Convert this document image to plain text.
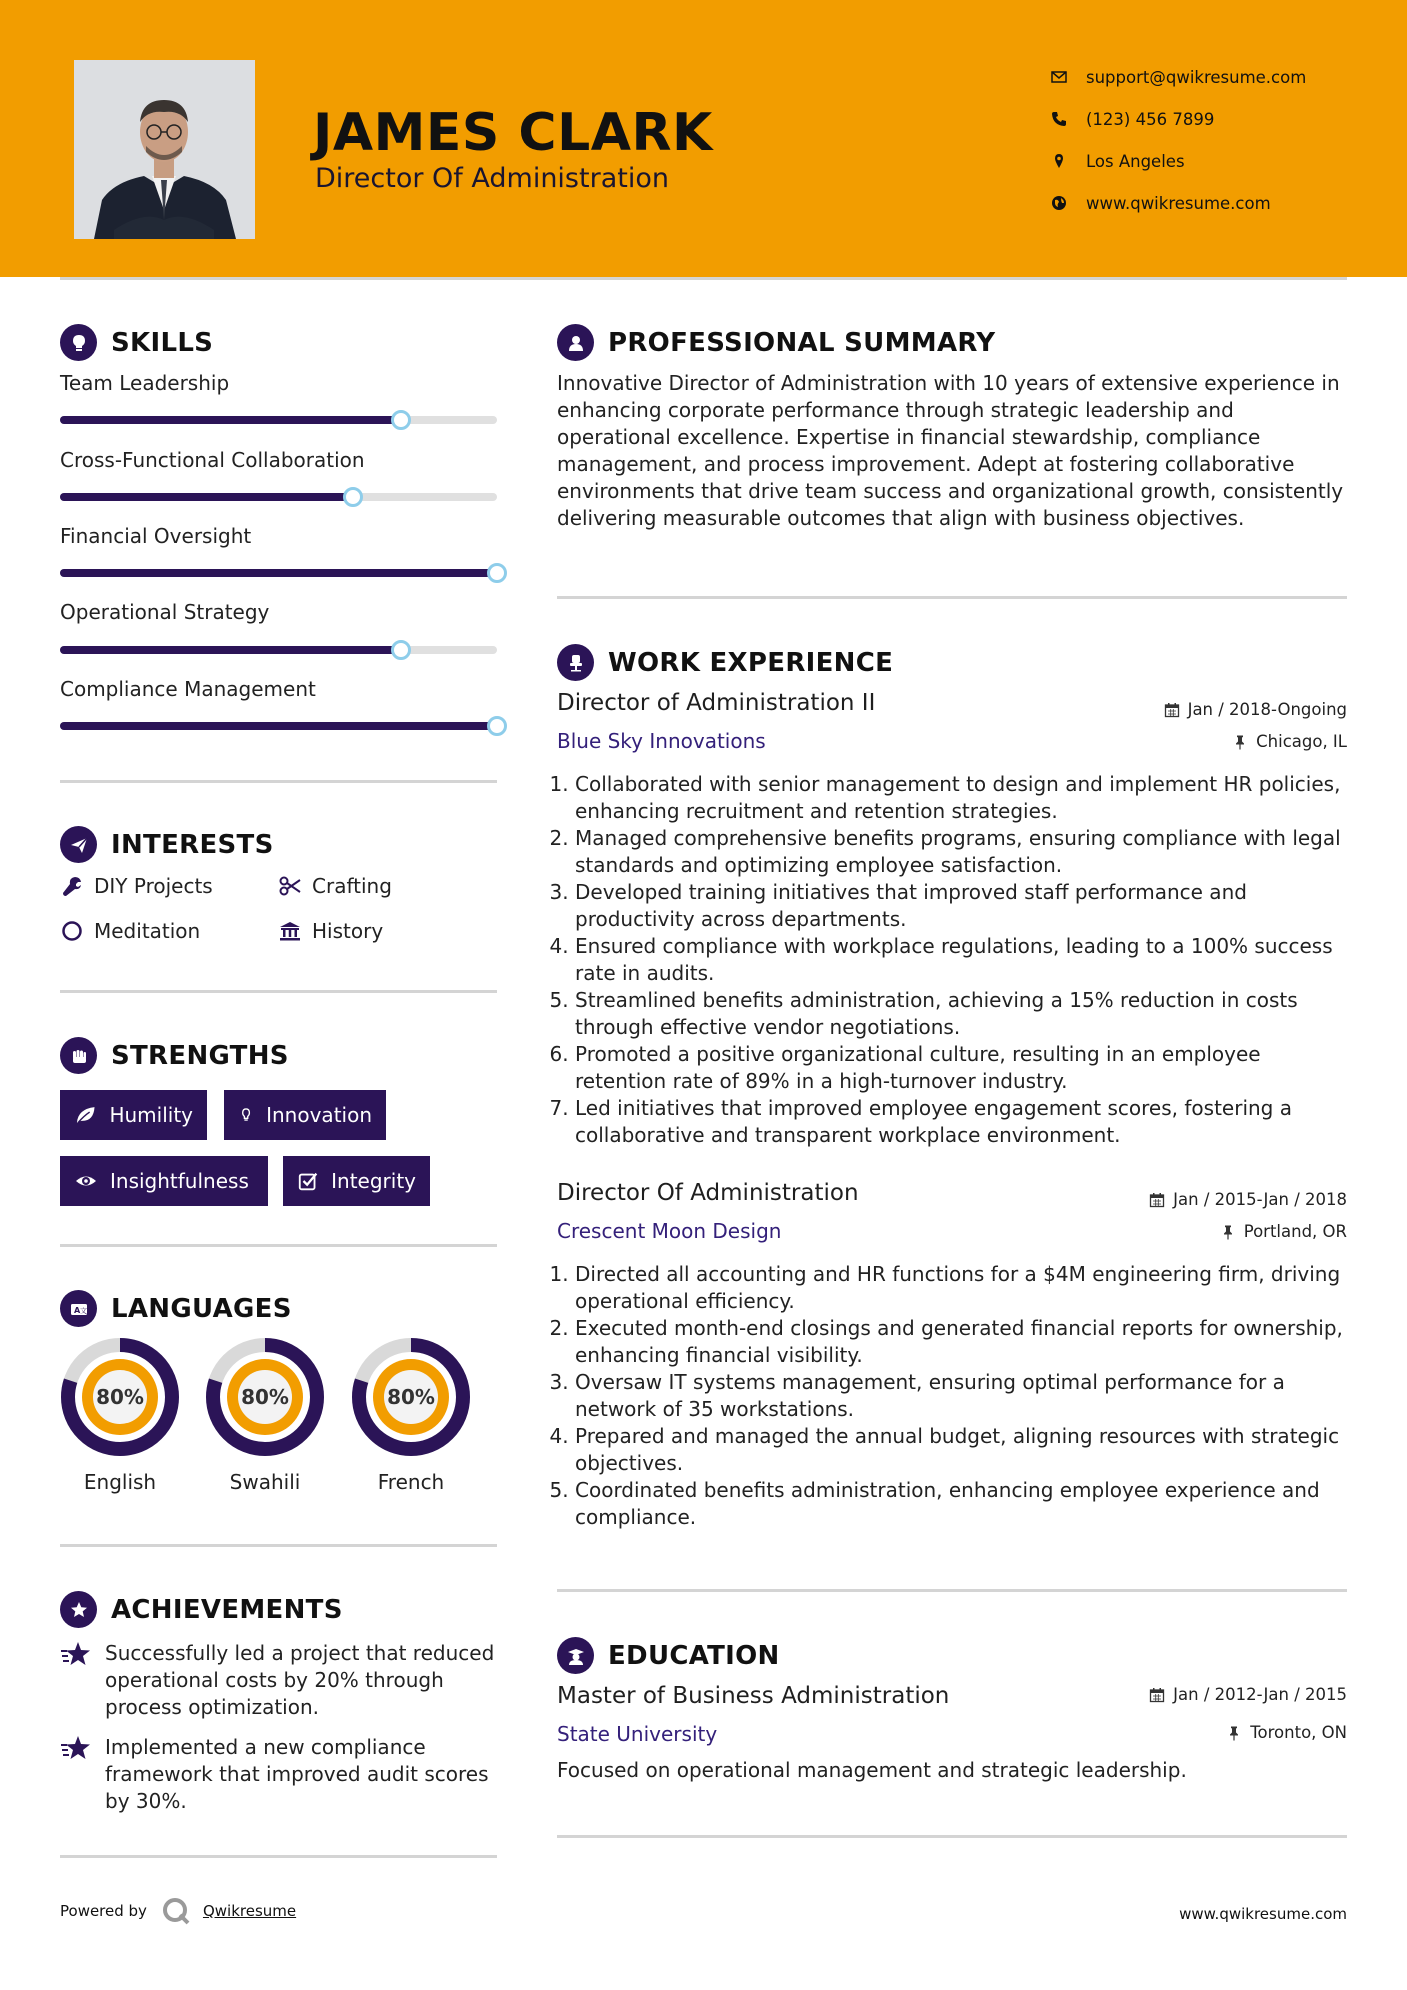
JAMES CLARK
Director Of Administration
support@qwikresume.com
(123) 456 7899
Los Angeles
www.qwikresume.com
SKILLS
Team Leadership
Cross-Functional Collaboration
Financial Oversight
Operational Strategy
Compliance Management
INTERESTS
DIY Projects	Crafting
Meditation	History
STRENGTHS
Humility	Innovation
Insightfulness	Integrity
A 文 LANGUAGES
80%
English
80%
Swahili
80%
French
ACHIEVEMENTS
Successfully led a project that reduced operational costs by 20% through process optimization.
Implemented a new compliance framework that improved audit scores by 30%.
PROFESSIONAL SUMMARY
Innovative Director of Administration with 10 years of extensive experience in enhancing corporate performance through strategic leadership and operational excellence. Expertise in financial stewardship, compliance management, and process improvement. Adept at fostering collaborative environments that drive team success and organizational growth, consistently delivering measurable outcomes that align with business objectives.
WORK EXPERIENCE
Director of Administration II	Jan / 2018-Ongoing
Blue Sky Innovations	Chicago, IL
1. Collaborated with senior management to design and implement HR policies, enhancing recruitment and retention strategies.
2. Managed comprehensive benefits programs, ensuring compliance with legal standards and optimizing employee satisfaction.
3. Developed training initiatives that improved staff performance and productivity across departments.
4. Ensured compliance with workplace regulations, leading to a 100% success rate in audits.
5. Streamlined benefits administration, achieving a 15% reduction in costs through effective vendor negotiations.
6. Promoted a positive organizational culture, resulting in an employee retention rate of 89% in a high-turnover industry.
7. Led initiatives that improved employee engagement scores, fostering a collaborative and transparent workplace environment.
Director Of Administration	Jan / 2015-Jan / 2018
Crescent Moon Design	Portland, OR
1. Directed all accounting and HR functions for a $4M engineering firm, driving operational efficiency.
2. Executed month-end closings and generated financial reports for ownership, enhancing financial visibility.
3. Oversaw IT systems management, ensuring optimal performance for a network of 35 workstations.
4. Prepared and managed the annual budget, aligning resources with strategic objectives.
5. Coordinated benefits administration, enhancing employee experience and compliance.
EDUCATION
Master of Business Administration	Jan / 2012-Jan / 2015
State University	Toronto, ON
Focused on operational management and strategic leadership.
Powered by	Qwikresume	www.qwikresume.com
